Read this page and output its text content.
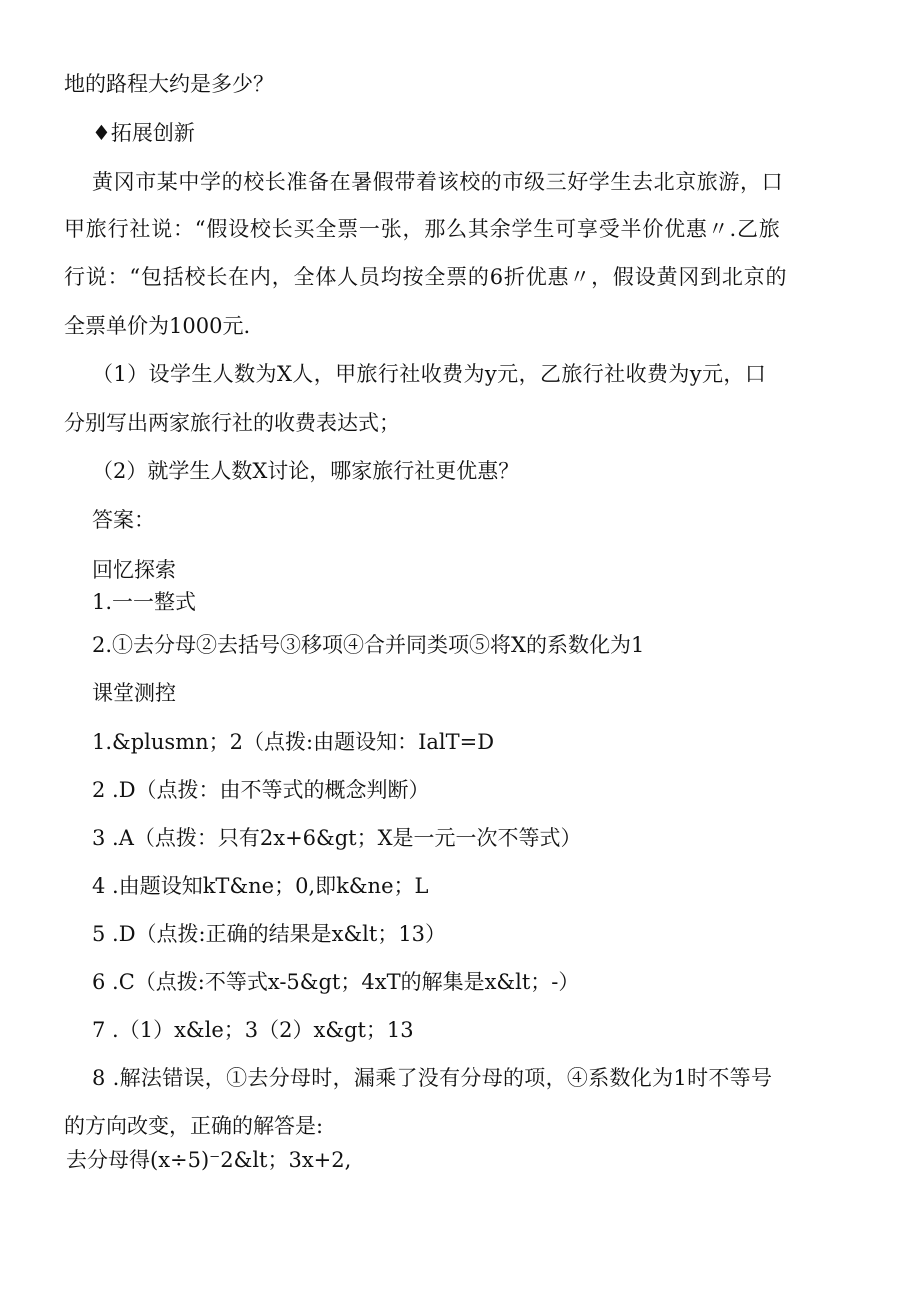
地的路程大约是多少？
♦拓展创新
黄冈市某中学的校长准备在暑假带着该校的市级三好学生去北京旅游，口
甲旅行社说：“假设校长买全票一张，那么其余学生可享受半价优惠〃.乙旅
行说：“包括校长在内，全体人员均按全票的6折优惠〃，假设黄冈到北京的
全票单价为1000元.
（1）设学生人数为X人，甲旅行社收费为y元，乙旅行社收费为y元，口
分别写出两家旅行社的收费表达式；
（2）就学生人数X讨论，哪家旅行社更优惠？
答案：
回忆探索
1.一一整式
2.①去分母②去括号③移项④合并同类项⑤将X的系数化为1
课堂测控
1.&plusmn；2（点拨:由题设知：IalT=D
2 .D（点拨：由不等式的概念判断）
3 .A（点拨：只有2x+6&gt；X是一元一次不等式）
4 .由题设知kT&ne；0,即k&ne；L
5 .D（点拨:正确的结果是x&lt；13）
6 .C（点拨:不等式x-5&gt；4xT的解集是x&lt；-）
7 .（1）x&le；3（2）x&gt；13
8 .解法错误，①去分母时，漏乘了没有分母的项，④系数化为1时不等号
的方向改变，正确的解答是:
去分母得(x÷5)⁻2&lt；3x+2,
